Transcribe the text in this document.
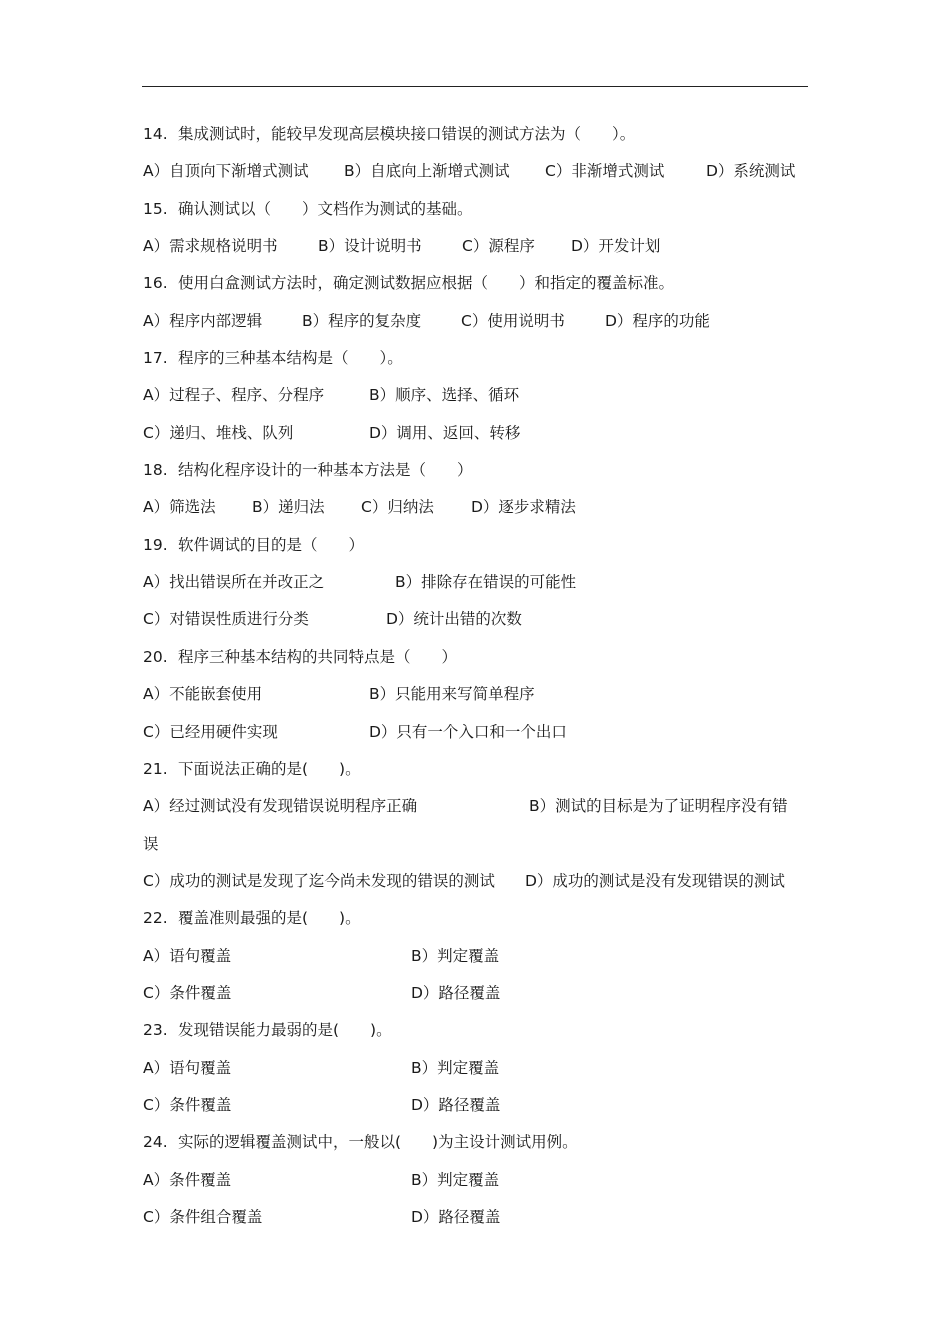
14. 集成测试时，能较早发现高层模块接口错误的测试方法为（　　）。
A）自顶向下渐增式测试 B）自底向上渐增式测试 C）非渐增式测试	D）系统测试
15. 确认测试以（　　）文档作为测试的基础。
A）需求规格说明书	B）设计说明书	C）源程序 D）开发计划
16. 使用白盒测试方法时，确定测试数据应根据（　　）和指定的覆盖标准。
A）程序内部逻辑	B）程序的复杂度	C）使用说明书	D）程序的功能
17. 程序的三种基本结构是（　　）。
A）过程子、程序、分程序	B）顺序、选择、循环
C）递归、堆栈、队列	D）调用、返回、转移
18. 结构化程序设计的一种基本方法是（　　）
A）筛选法 B）递归法 C）归纳法 D）逐步求精法
19. 软件调试的目的是（　　）
A）找出错误所在并改正之	B）排除存在错误的可能性
C）对错误性质进行分类	D）统计出错的次数
20. 程序三种基本结构的共同特点是（　　）
A）不能嵌套使用	B）只能用来写简单程序
C）已经用硬件实现	D）只有一个入口和一个出口
21. 下面说法正确的是(　　)。
A）经过测试没有发现错误说明程序正确	B）测试的目标是为了证明程序没有错
误
C）成功的测试是发现了迄今尚未发现的错误的测试 D）成功的测试是没有发现错误的测试
22. 覆盖准则最强的是(　　)。
A）语句覆盖	B）判定覆盖
C）条件覆盖	D）路径覆盖
23. 发现错误能力最弱的是(　　)。
A）语句覆盖	B）判定覆盖
C）条件覆盖	D）路径覆盖
24. 实际的逻辑覆盖测试中，一般以(　　)为主设计测试用例。
A）条件覆盖	B）判定覆盖
C）条件组合覆盖	D）路径覆盖
